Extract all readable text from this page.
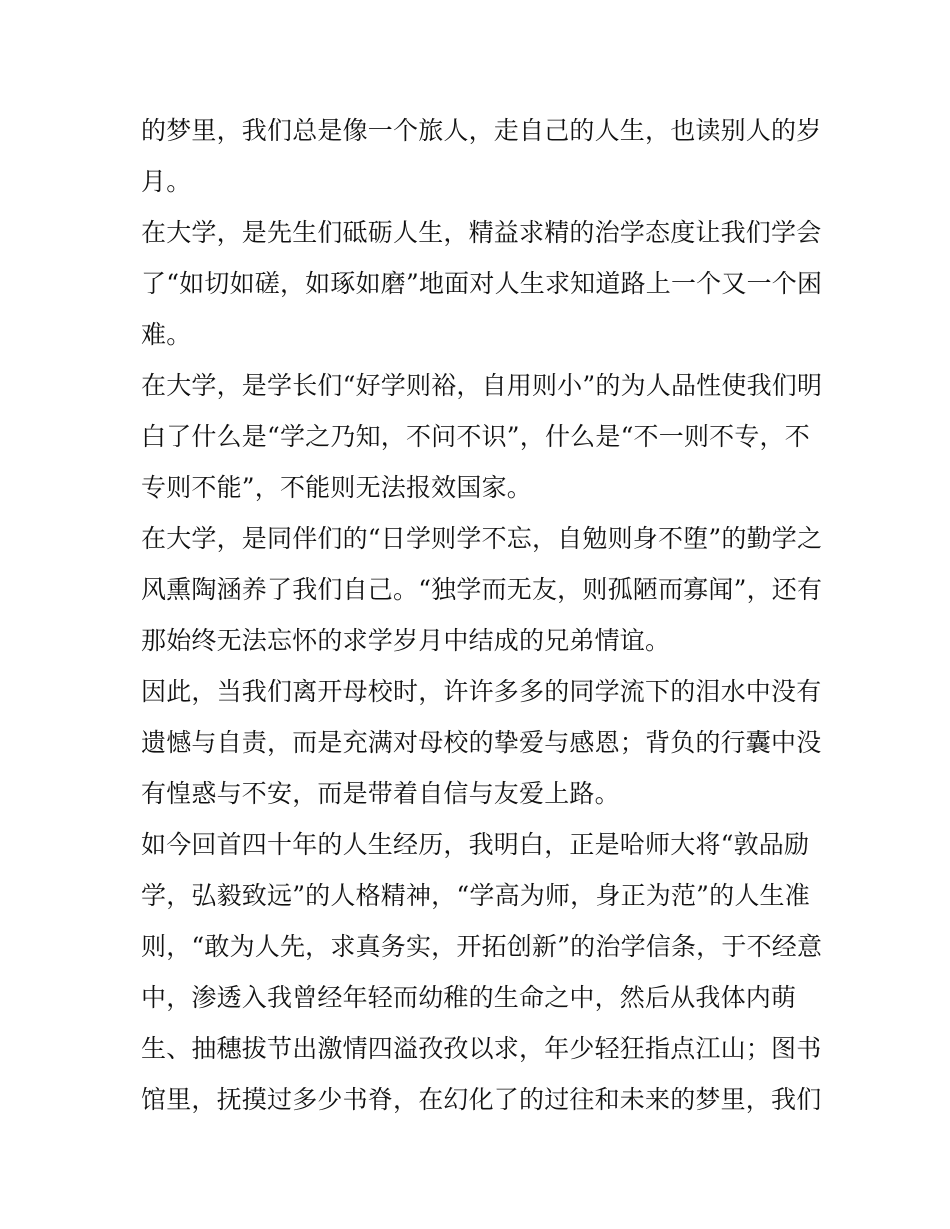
的梦里，我们总是像一个旅人，走自己的人生，也读别人的岁
月。

在大学，是先生们砥砺人生，精益求精的治学态度让我们学会
了“如切如磋，如琢如磨”地面对人生求知道路上一个又一个困
难。

在大学，是学长们“好学则裕，自用则小”的为人品性使我们明
白了什么是“学之乃知，不问不识”，什么是“不一则不专，不
专则不能”，不能则无法报效国家。

在大学，是同伴们的“日学则学不忘，自勉则身不堕”的勤学之
风熏陶涵养了我们自己。“独学而无友，则孤陋而寡闻”，还有
那始终无法忘怀的求学岁月中结成的兄弟情谊。

因此，当我们离开母校时，许许多多的同学流下的泪水中没有
遗憾与自责，而是充满对母校的挚爱与感恩；背负的行囊中没
有惶惑与不安，而是带着自信与友爱上路。

如今回首四十年的人生经历，我明白，正是哈师大将“敦品励
学，弘毅致远”的人格精神，“学高为师，身正为范”的人生准
则，“敢为人先，求真务实，开拓创新”的治学信条，于不经意
中，渗透入我曾经年轻而幼稚的生命之中，然后从我体内萌
生、抽穗拔节出激情四溢孜孜以求，年少轻狂指点江山；图书
馆里，抚摸过多少书脊，在幻化了的过往和未来的梦里，我们
